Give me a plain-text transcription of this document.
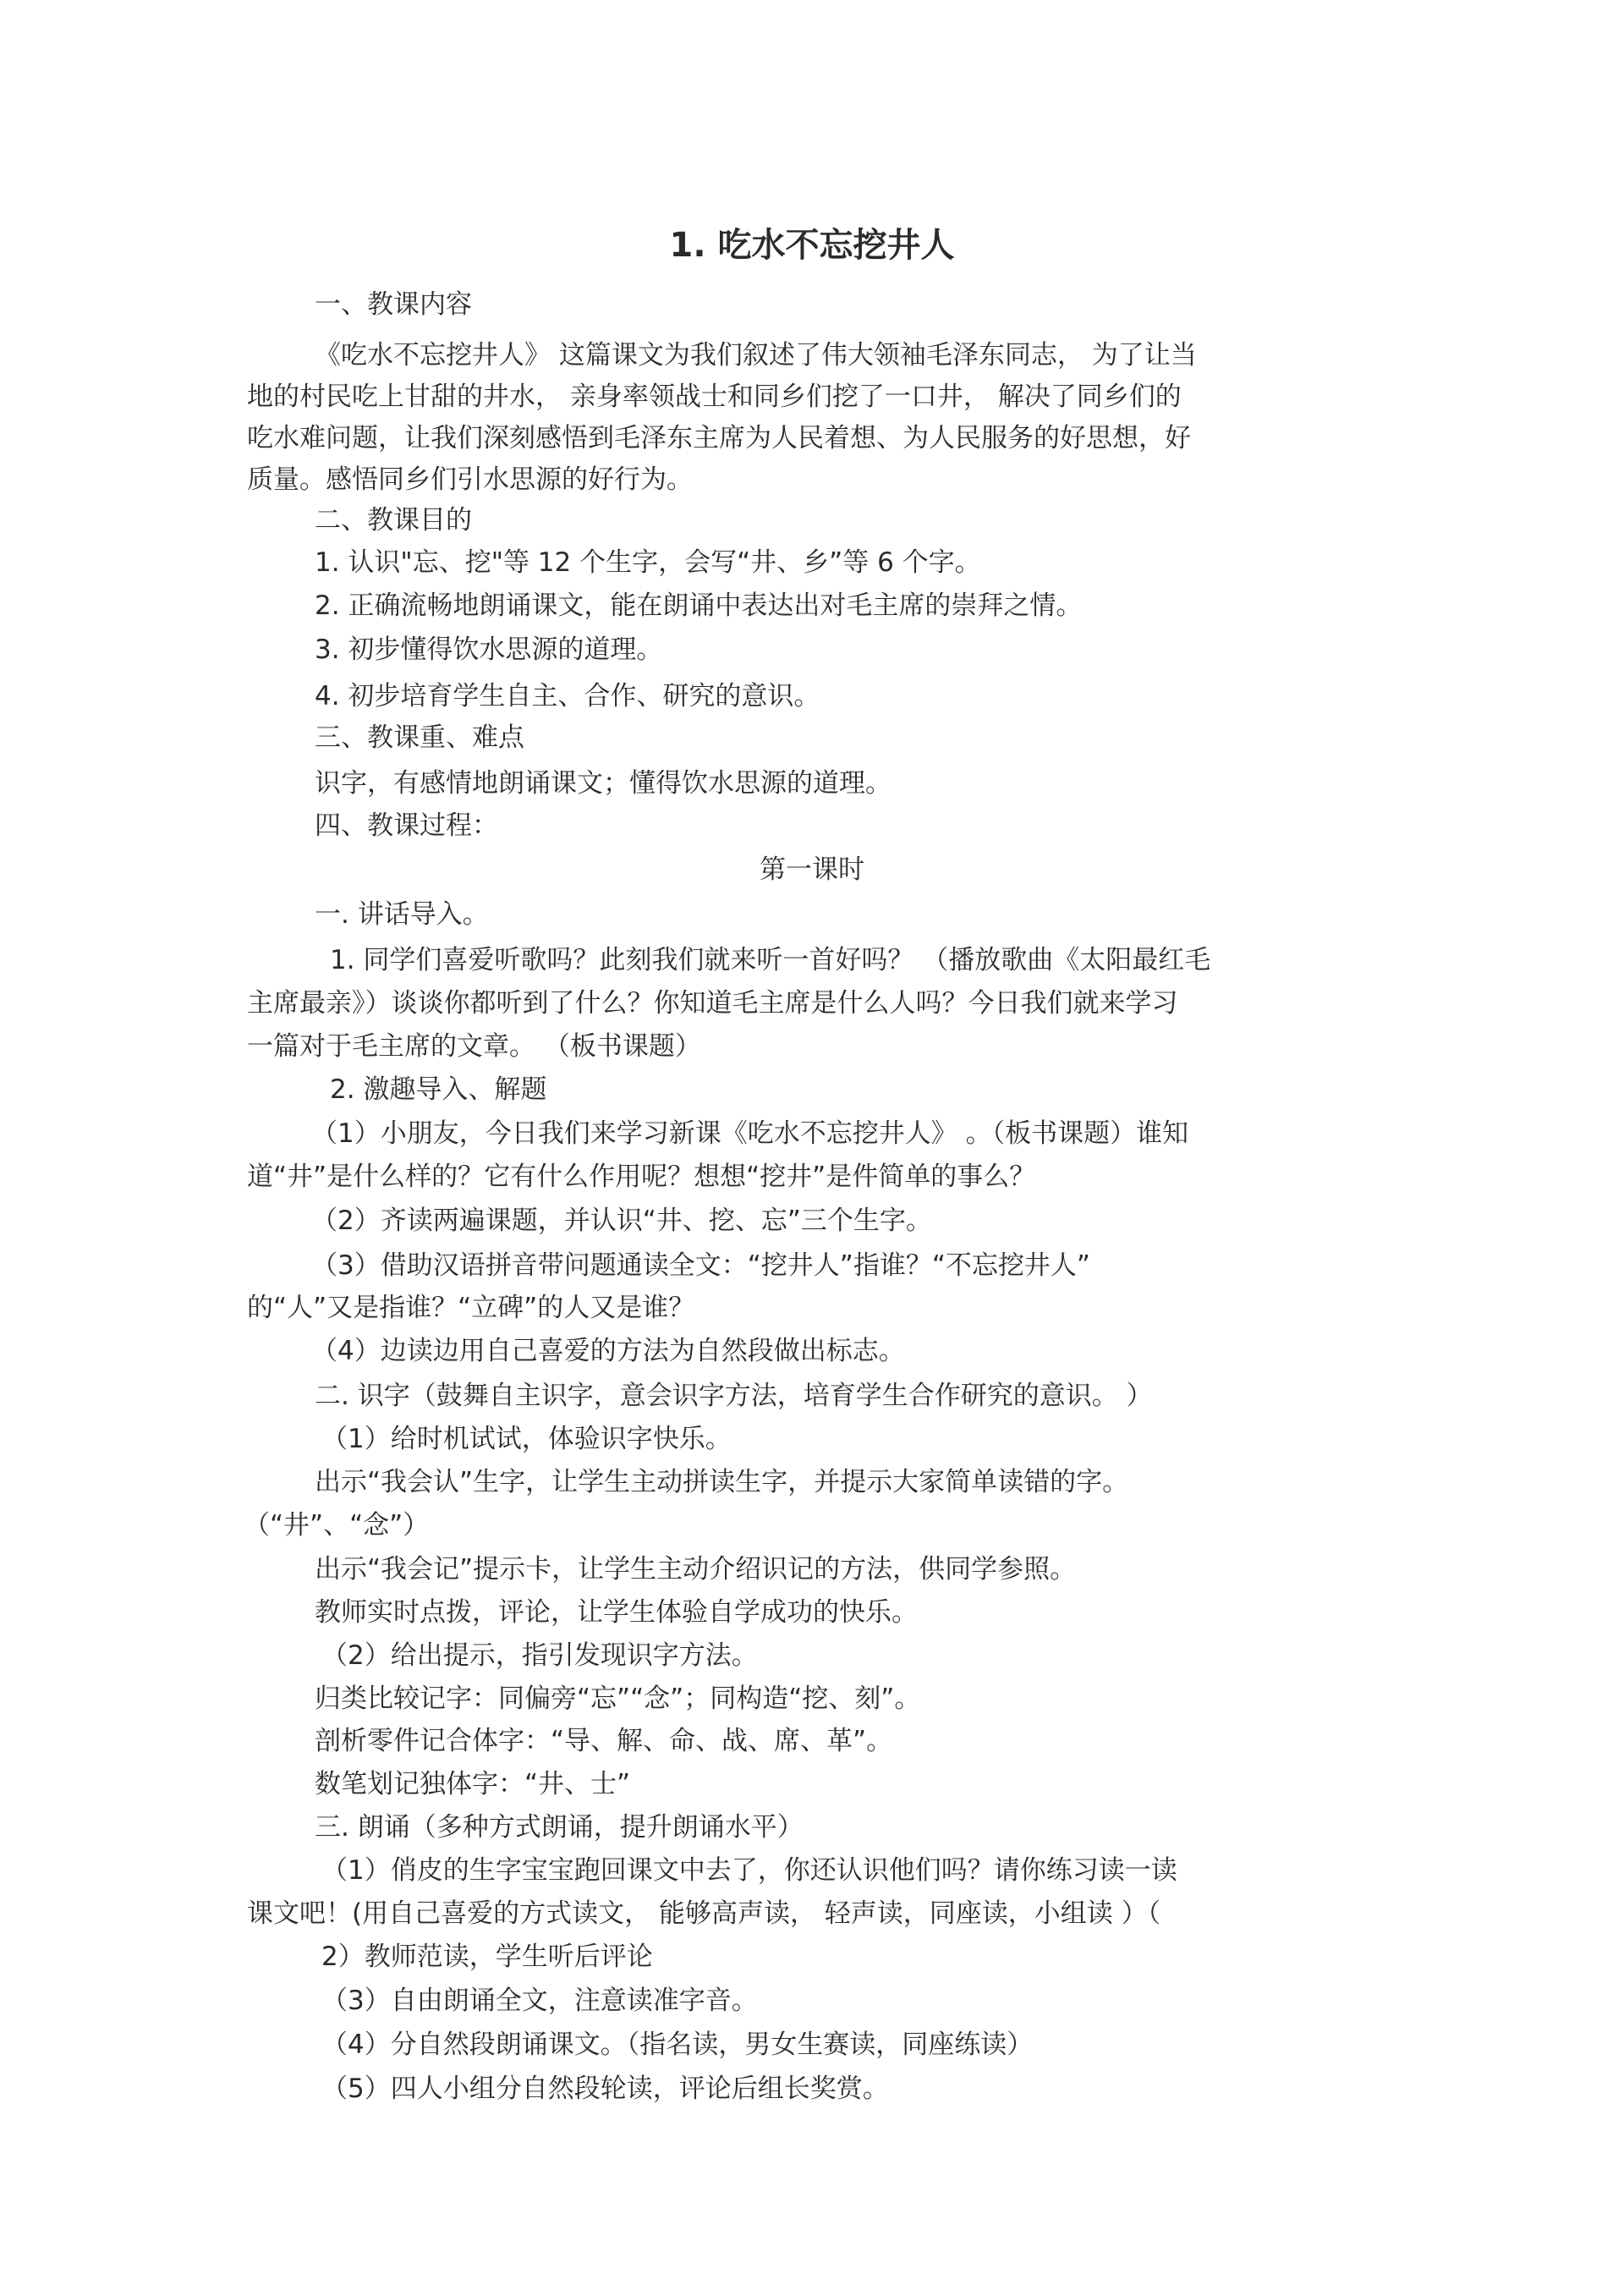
1. 吃水不忘挖井人

一、教课内容

《吃水不忘挖井人》 这篇课文为我们叙述了伟大领袖毛泽东同志， 为了让当

地的村民吃上甘甜的井水， 亲身率领战士和同乡们挖了一口井， 解决了同乡们的

吃水难问题，让我们深刻感悟到毛泽东主席为人民着想、为人民服务的好思想，好

质量。感悟同乡们引水思源的好行为。

二、教课目的

1. 认识"忘、挖"等 12 个生字，会写“井、乡”等 6 个字。

2. 正确流畅地朗诵课文，能在朗诵中表达出对毛主席的崇拜之情。

3. 初步懂得饮水思源的道理。

4. 初步培育学生自主、合作、研究的意识。

三、教课重、难点

识字，有感情地朗诵课文；懂得饮水思源的道理。

四、教课过程：

第一课时

一. 讲话导入。

1. 同学们喜爱听歌吗？此刻我们就来听一首好吗？ （播放歌曲《太阳最红毛

主席最亲》）谈谈你都听到了什么？你知道毛主席是什么人吗？今日我们就来学习

一篇对于毛主席的文章。 （板书课题）

2. 激趣导入、解题

（1）小朋友，今日我们来学习新课《吃水不忘挖井人》 。（板书课题）谁知

道“井”是什么样的？它有什么作用呢？想想“挖井”是件简单的事么？

（2）齐读两遍课题，并认识“井、挖、忘”三个生字。

（3）借助汉语拼音带问题通读全文：“挖井人”指谁？“不忘挖井人”

的“人”又是指谁？“立碑”的人又是谁？

（4）边读边用自己喜爱的方法为自然段做出标志。

二. 识字（鼓舞自主识字，意会识字方法，培育学生合作研究的意识。 ）

（1）给时机试试，体验识字快乐。

出示“我会认”生字，让学生主动拼读生字，并提示大家简单读错的字。

（“井”、“念”）

出示“我会记”提示卡，让学生主动介绍识记的方法，供同学参照。

教师实时点拨，评论，让学生体验自学成功的快乐。

（2）给出提示，指引发现识字方法。

归类比较记字：同偏旁“忘”“念”；同构造“挖、刻”。

剖析零件记合体字：“导、解、命、战、席、革”。

数笔划记独体字：“井、士”

三. 朗诵（多种方式朗诵，提升朗诵水平）

（1）俏皮的生字宝宝跑回课文中去了，你还认识他们吗？请你练习读一读

课文吧！(用自己喜爱的方式读文， 能够高声读， 轻声读，同座读，小组读 ）（

2）教师范读，学生听后评论

（3）自由朗诵全文，注意读准字音。

（4）分自然段朗诵课文。（指名读，男女生赛读，同座练读）

（5）四人小组分自然段轮读，评论后组长奖赏。
